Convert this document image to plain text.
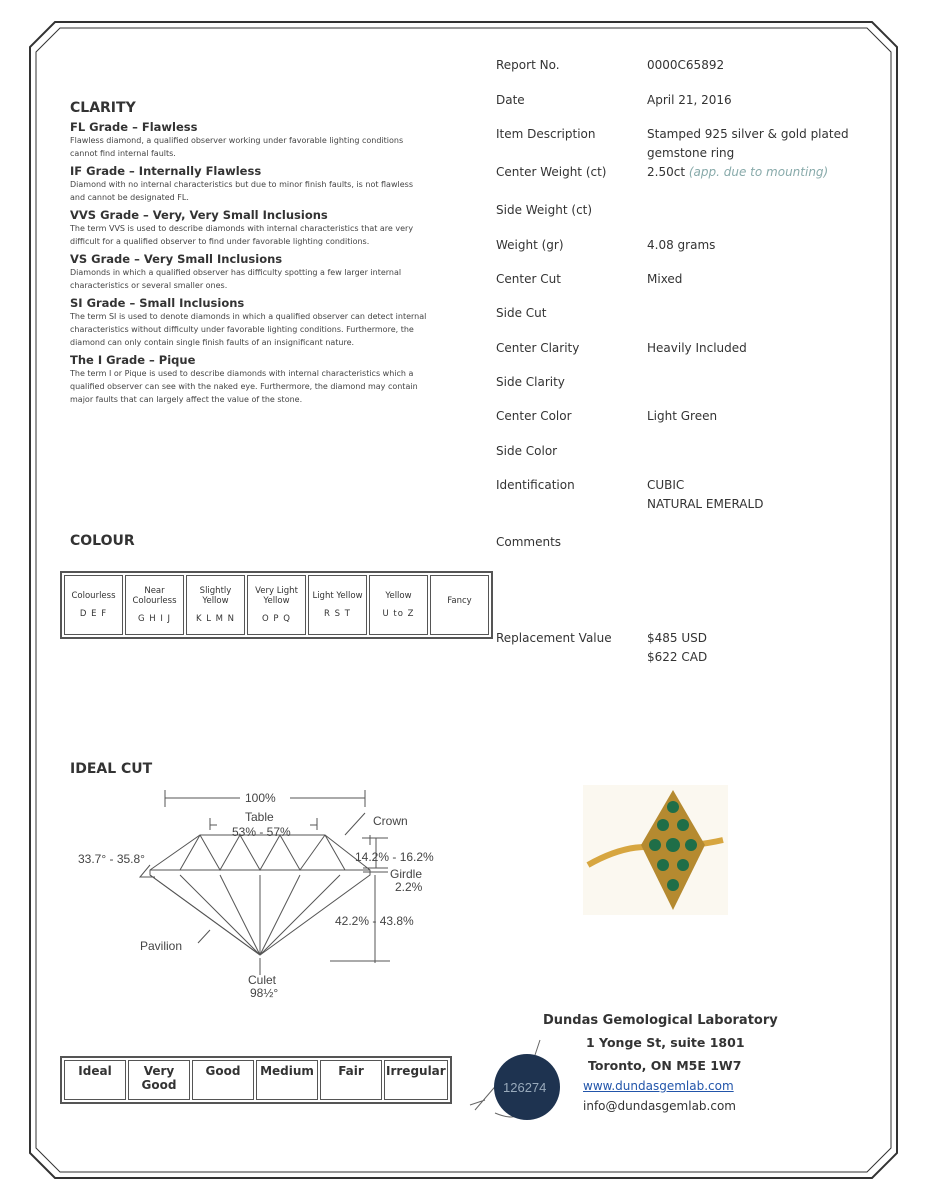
CLARITY
FL Grade – Flawless
Flawless diamond, a qualified observer working under favorable lighting conditions cannot find internal faults.
IF Grade – Internally Flawless
Diamond with no internal characteristics but due to minor finish faults, is not flawless and cannot be designated FL.
VVS Grade – Very, Very Small Inclusions
The term VVS is used to describe diamonds with internal characteristics that are very difficult for a qualified observer to find under favorable lighting conditions.
VS Grade – Very Small Inclusions
Diamonds in which a qualified observer has difficulty spotting a few larger internal characteristics or several smaller ones.
SI Grade – Small Inclusions
The term SI is used to denote diamonds in which a qualified observer can detect internal characteristics without difficulty under favorable lighting conditions. Furthermore, the diamond can only contain single finish faults of an insignificant nature.
The I Grade – Pique
The term I or Pique is used to describe diamonds with internal characteristics which a qualified observer can see with the naked eye. Furthermore, the diamond may contain major faults that can largely affect the value of the stone.
Report No.	0000C65892
Date	April 21, 2016
Item Description	Stamped 925 silver & gold plated
gemstone ring
Center Weight (ct)	2.50ct (app. due to mounting)
Side Weight (ct)
Weight (gr)	4.08 grams
Center Cut	Mixed
Side Cut
Center Clarity	Heavily Included
Side Clarity
Center Color	Light Green
Side Color
Identification	CUBIC
NATURAL EMERALD
Comments
Replacement Value	$485 USD
$622 CAD
COLOUR
Colourless
D E F

Near Colourless
G H I J

Slightly Yellow
K L M N

Very Light Yellow
O P Q

Light Yellow
R S T

Yellow
U to Z

Fancy
IDEAL CUT
100%
Table
53% - 57%
Crown
33.7° - 35.8°	14.2% - 16.2%
Girdle
2.2%
42.2% - 43.8%
Pavilion
Culet
98½°
Ideal	Very Good	Good	Medium	Fair	Irregular
Dundas Gemological Laboratory
1 Yonge St, suite 1801
Toronto, ON M5E 1W7
www.dundasgemlab.com
info@dundasgemlab.com
126274
